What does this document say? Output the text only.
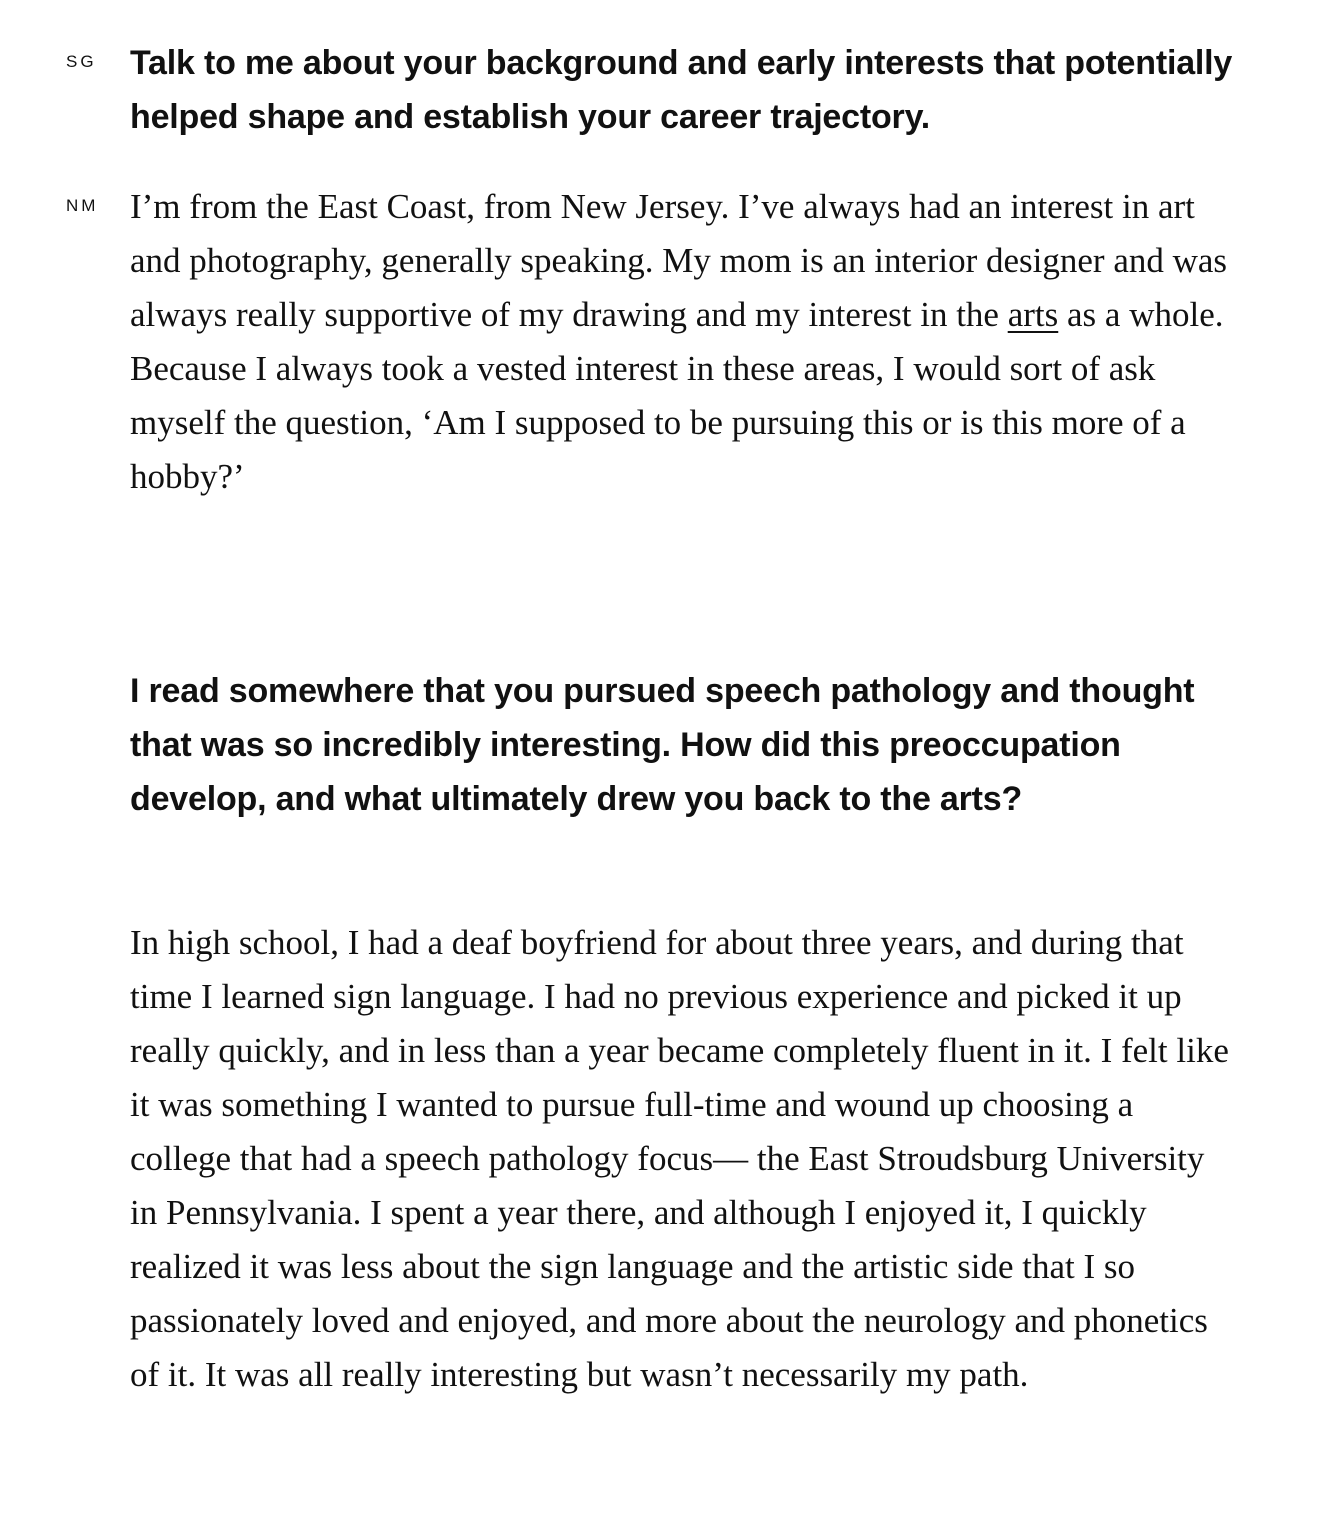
SG Talk to me about your background and early interests that potentially helped shape and establish your career trajectory.
NM I’m from the East Coast, from New Jersey. I’ve always had an interest in art and photography, generally speaking. My mom is an interior designer and was always really supportive of my drawing and my interest in the arts as a whole. Because I always took a vested interest in these areas, I would sort of ask myself the question, ‘Am I supposed to be pursuing this or is this more of a hobby?’

I read somewhere that you pursued speech pathology and thought that was so incredibly interesting. How did this preoccupation develop, and what ultimately drew you back to the arts?

In high school, I had a deaf boyfriend for about three years, and during that time I learned sign language. I had no previous experience and picked it up really quickly, and in less than a year became completely fluent in it. I felt like it was something I wanted to pursue full-time and wound up choosing a college that had a speech pathology focus— the East Stroudsburg University in Pennsylvania. I spent a year there, and although I enjoyed it, I quickly realized it was less about the sign language and the artistic side that I so passionately loved and enjoyed, and more about the neurology and phonetics of it. It was all really interesting but wasn’t necessarily my path.
